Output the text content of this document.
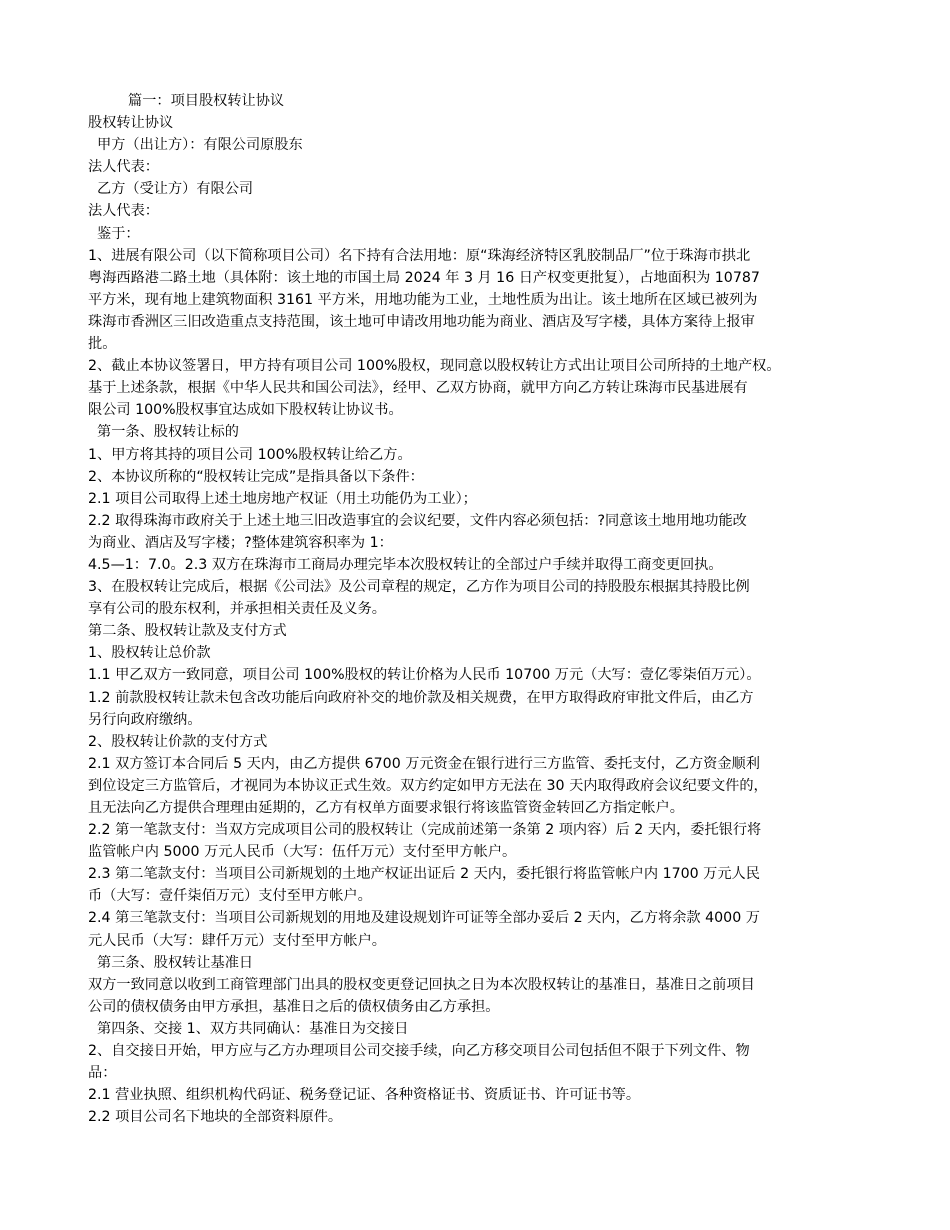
篇一：项目股权转让协议
股权转让协议
甲方（出让方）：有限公司原股东
法人代表：
乙方（受让方）有限公司
法人代表：
鉴于：
1、进展有限公司（以下简称项目公司）名下持有合法用地：原“珠海经济特区乳胶制品厂”位于珠海市拱北
粤海西路港二路土地（具体附：该土地的市国土局 2024 年 3 月 16 日产权变更批复），占地面积为 10787
平方米，现有地上建筑物面积 3161 平方米，用地功能为工业，土地性质为出让。该土地所在区域已被列为
珠海市香洲区三旧改造重点支持范围，该土地可申请改用地功能为商业、酒店及写字楼，具体方案待上报审
批。
2、截止本协议签署日，甲方持有项目公司 100%股权，现同意以股权转让方式出让项目公司所持的土地产权。
基于上述条款，根据《中华人民共和国公司法》，经甲、乙双方协商，就甲方向乙方转让珠海市民基进展有
限公司 100%股权事宜达成如下股权转让协议书。
第一条、股权转让标的
1、甲方将其持的项目公司 100%股权转让给乙方。
2、本协议所称的“股权转让完成”是指具备以下条件：
2.1 项目公司取得上述土地房地产权证（用土功能仍为工业）；
2.2 取得珠海市政府关于上述土地三旧改造事宜的会议纪要，文件内容必须包括：?同意该土地用地功能改
为商业、酒店及写字楼；?整体建筑容积率为 1：
4.5—1：7.0。2.3 双方在珠海市工商局办理完毕本次股权转让的全部过户手续并取得工商变更回执。
3、在股权转让完成后，根据《公司法》及公司章程的规定，乙方作为项目公司的持股股东根据其持股比例
享有公司的股东权利，并承担相关责任及义务。
第二条、股权转让款及支付方式
1、股权转让总价款
1.1 甲乙双方一致同意，项目公司 100%股权的转让价格为人民币 10700 万元（大写：壹亿零柒佰万元）。
1.2 前款股权转让款未包含改功能后向政府补交的地价款及相关规费，在甲方取得政府审批文件后，由乙方
另行向政府缴纳。
2、股权转让价款的支付方式
2.1 双方签订本合同后 5 天内，由乙方提供 6700 万元资金在银行进行三方监管、委托支付，乙方资金顺利
到位设定三方监管后，才视同为本协议正式生效。双方约定如甲方无法在 30 天内取得政府会议纪要文件的，
且无法向乙方提供合理理由延期的，乙方有权单方面要求银行将该监管资金转回乙方指定帐户。
2.2 第一笔款支付：当双方完成项目公司的股权转让（完成前述第一条第 2 项内容）后 2 天内，委托银行将
监管帐户内 5000 万元人民币（大写：伍仟万元）支付至甲方帐户。
2.3 第二笔款支付：当项目公司新规划的土地产权证出证后 2 天内，委托银行将监管帐户内 1700 万元人民
币（大写：壹仟柒佰万元）支付至甲方帐户。
2.4 第三笔款支付：当项目公司新规划的用地及建设规划许可证等全部办妥后 2 天内，乙方将余款 4000 万
元人民币（大写：肆仟万元）支付至甲方帐户。
第三条、股权转让基准日
双方一致同意以收到工商管理部门出具的股权变更登记回执之日为本次股权转让的基准日，基准日之前项目
公司的债权债务由甲方承担，基准日之后的债权债务由乙方承担。
第四条、交接 1、双方共同确认：基准日为交接日
2、自交接日开始，甲方应与乙方办理项目公司交接手续，向乙方移交项目公司包括但不限于下列文件、物
品：
2.1 营业执照、组织机构代码证、税务登记证、各种资格证书、资质证书、许可证书等。
2.2 项目公司名下地块的全部资料原件。
